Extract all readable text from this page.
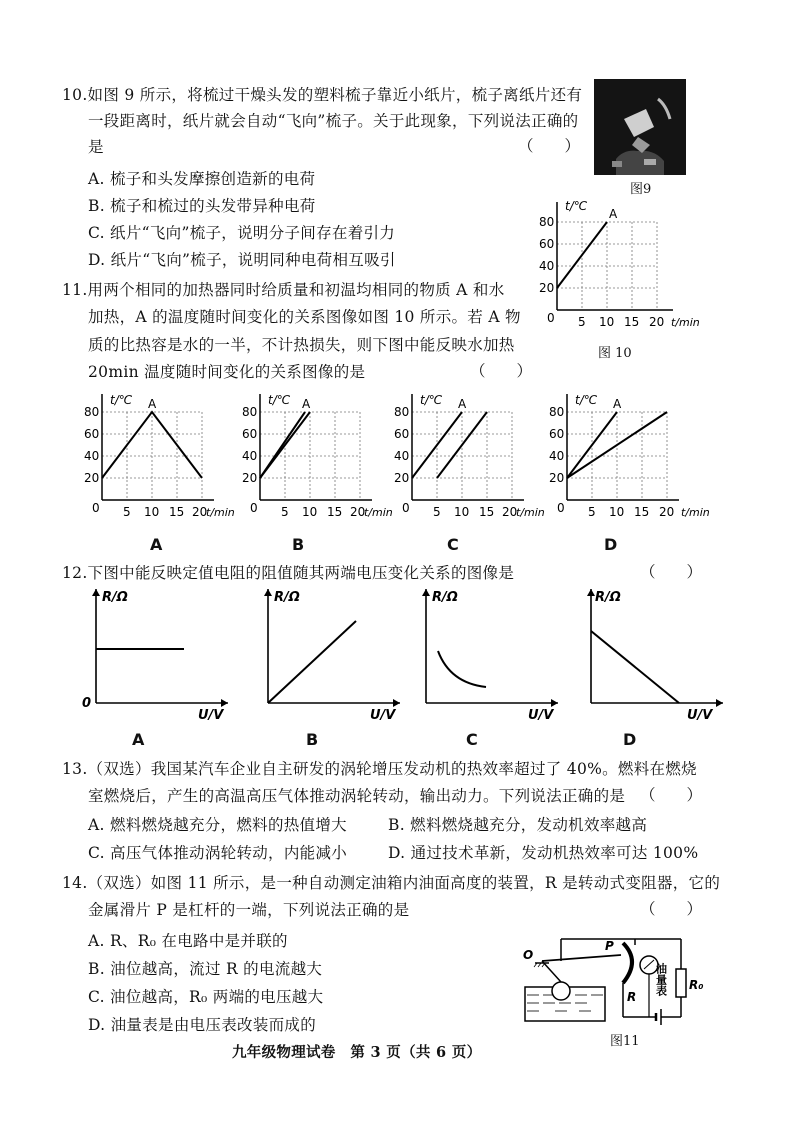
10.如图 9 所示，将梳过干燥头发的塑料梳子靠近小纸片，梳子离纸片还有
一段距离时，纸片就会自动“飞向”梳子。关于此现象，下列说法正确的
是	（　　）
A. 梳子和头发摩擦创造新的电荷
B. 梳子和梳过的头发带异种电荷
C. 纸片“飞向”梳子，说明分子间存在着引力
D. 纸片“飞向”梳子，说明同种电荷相互吸引
图9
t/℃
A
80
60
40
20
0 5 10 15 20 t/min
图 10
11.用两个相同的加热器同时给质量和初温均相同的物质 A 和水
加热，A 的温度随时间变化的关系图像如图 10 所示。若 A 物
质的比热容是水的一半，不计热损失，则下图中能反映水加热
20min 温度随时间变化的关系图像的是	（　　）
t/℃ A
80
60
40
20
0 5 10 15 20
t/min
A
t/℃ A
80
60
40
20
0 5 10 15 20
t/min
B
t/℃ A
80
60
40
20
0 5 10 15 20
t/min
C
t/℃ A
80
60
40
20
0 5 10 15 20 t/min
D
12.下图中能反映定值电阻的阻值随其两端电压变化关系的图像是	（　　）
R/Ω
0
U/V
A
R/Ω
U/V
B
R/Ω
U/V
C
R/Ω
U/V
D
13.（双选）我国某汽车企业自主研发的涡轮增压发动机的热效率超过了 40%。燃料在燃烧
室燃烧后，产生的高温高压气体推动涡轮转动，输出动力。下列说法正确的是 （　　）
A. 燃料燃烧越充分，燃料的热值增大	B. 燃料燃烧越充分，发动机效率越高
C. 高压气体推动涡轮转动，内能减小	D. 通过技术革新，发动机热效率可达 100%
14.（双选）如图 11 所示，是一种自动测定油箱内油面高度的装置，R 是转动式变阻器，它的
金属滑片 P 是杠杆的一端，下列说法正确的是	（　　）
A. R、R₀ 在电路中是并联的
B. 油位越高，流过 R 的电流越大
C. 油位越高，R₀ 两端的电压越大
D. 油量表是由电压表改装而成的
O
P
R
油量表 R₀
图11
九年级物理试卷　第 3 页（共 6 页）
